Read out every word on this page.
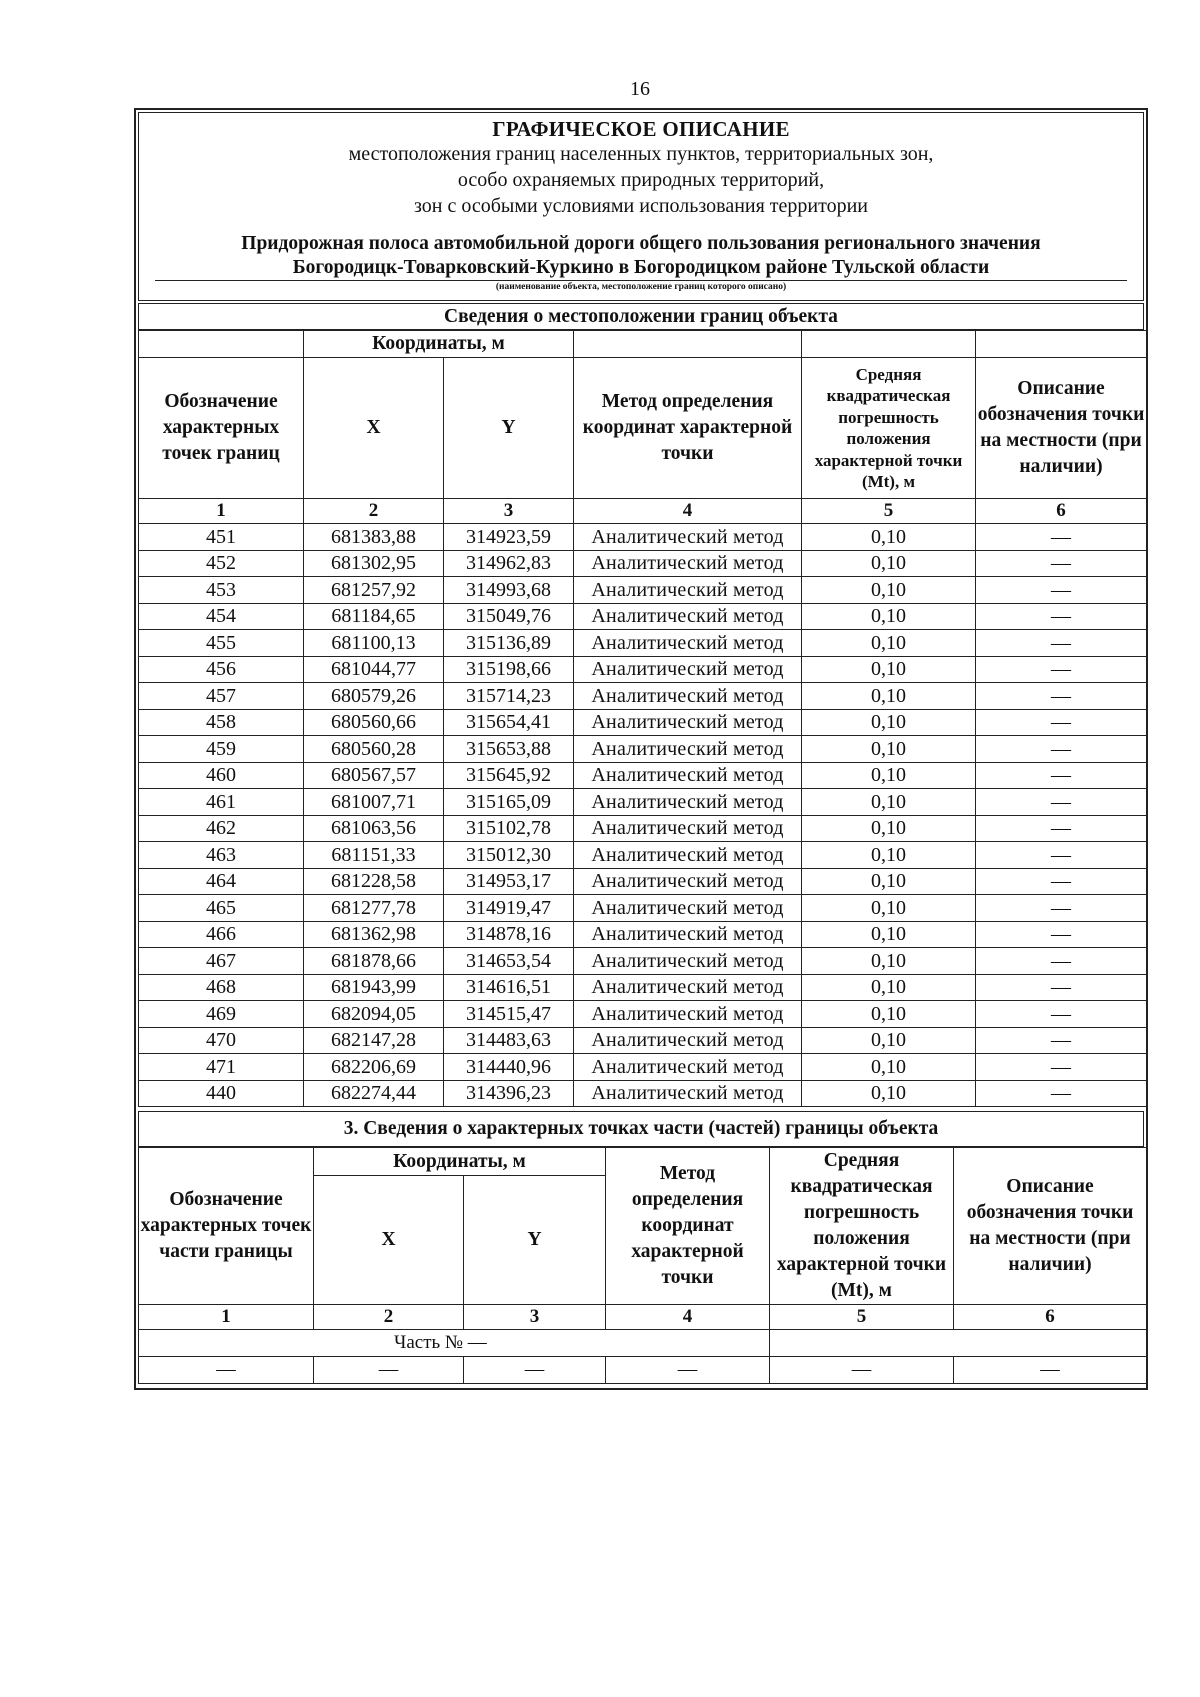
16
ГРАФИЧЕСКОЕ ОПИСАНИЕ
местоположения границ населенных пунктов, территориальных зон,
особо охраняемых природных территорий,
зон с особыми условиями использования территории
Придорожная полоса автомобильной дороги общего пользования регионального значения
Богородицк-Товарковский-Куркино в Богородицком районе Тульской области
(наименование объекта, местоположение границ которого описано)
Сведения о местоположении границ объекта
	Координаты, м				
Обозначение характерных точек границ	X	Y	Метод определения координат характерной точки	Средняя квадратическая погрешность положения характерной точки (Mt), м	Описание обозначения точки на местности (при наличии)
1	2	3	4	5	6
451	681383,88	314923,59	Аналитический метод	0,10	—
452	681302,95	314962,83	Аналитический метод	0,10	—
453	681257,92	314993,68	Аналитический метод	0,10	—
454	681184,65	315049,76	Аналитический метод	0,10	—
455	681100,13	315136,89	Аналитический метод	0,10	—
456	681044,77	315198,66	Аналитический метод	0,10	—
457	680579,26	315714,23	Аналитический метод	0,10	—
458	680560,66	315654,41	Аналитический метод	0,10	—
459	680560,28	315653,88	Аналитический метод	0,10	—
460	680567,57	315645,92	Аналитический метод	0,10	—
461	681007,71	315165,09	Аналитический метод	0,10	—
462	681063,56	315102,78	Аналитический метод	0,10	—
463	681151,33	315012,30	Аналитический метод	0,10	—
464	681228,58	314953,17	Аналитический метод	0,10	—
465	681277,78	314919,47	Аналитический метод	0,10	—
466	681362,98	314878,16	Аналитический метод	0,10	—
467	681878,66	314653,54	Аналитический метод	0,10	—
468	681943,99	314616,51	Аналитический метод	0,10	—
469	682094,05	314515,47	Аналитический метод	0,10	—
470	682147,28	314483,63	Аналитический метод	0,10	—
471	682206,69	314440,96	Аналитический метод	0,10	—
440	682274,44	314396,23	Аналитический метод	0,10	—
3. Сведения о характерных точках части (частей) границы объекта
Обозначение характерных точек части границы	Координаты, м		Метод определения координат характерной точки	Средняя квадратическая погрешность положения характерной точки (Mt), м	Описание обозначения точки на местности (при наличии)
	X	Y			
1	2	3	4	5	6
Часть № —					
—	—	—	—	—	—
